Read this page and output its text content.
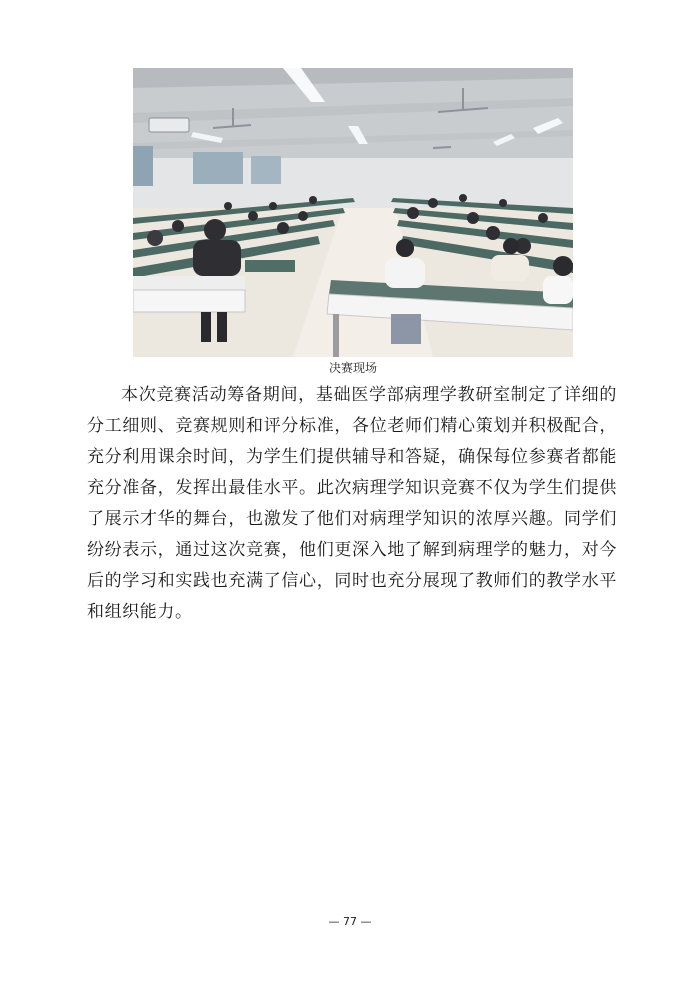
决赛现场

本次竞赛活动筹备期间，基础医学部病理学教研室制定了详细的分工细则、竞赛规则和评分标准，各位老师们精心策划并积极配合，充分利用课余时间，为学生们提供辅导和答疑，确保每位参赛者都能充分准备，发挥出最佳水平。此次病理学知识竞赛不仅为学生们提供了展示才华的舞台，也激发了他们对病理学知识的浓厚兴趣。同学们纷纷表示，通过这次竞赛，他们更深入地了解到病理学的魅力，对今后的学习和实践也充满了信心，同时也充分展现了教师们的教学水平和组织能力。

— 77 —
